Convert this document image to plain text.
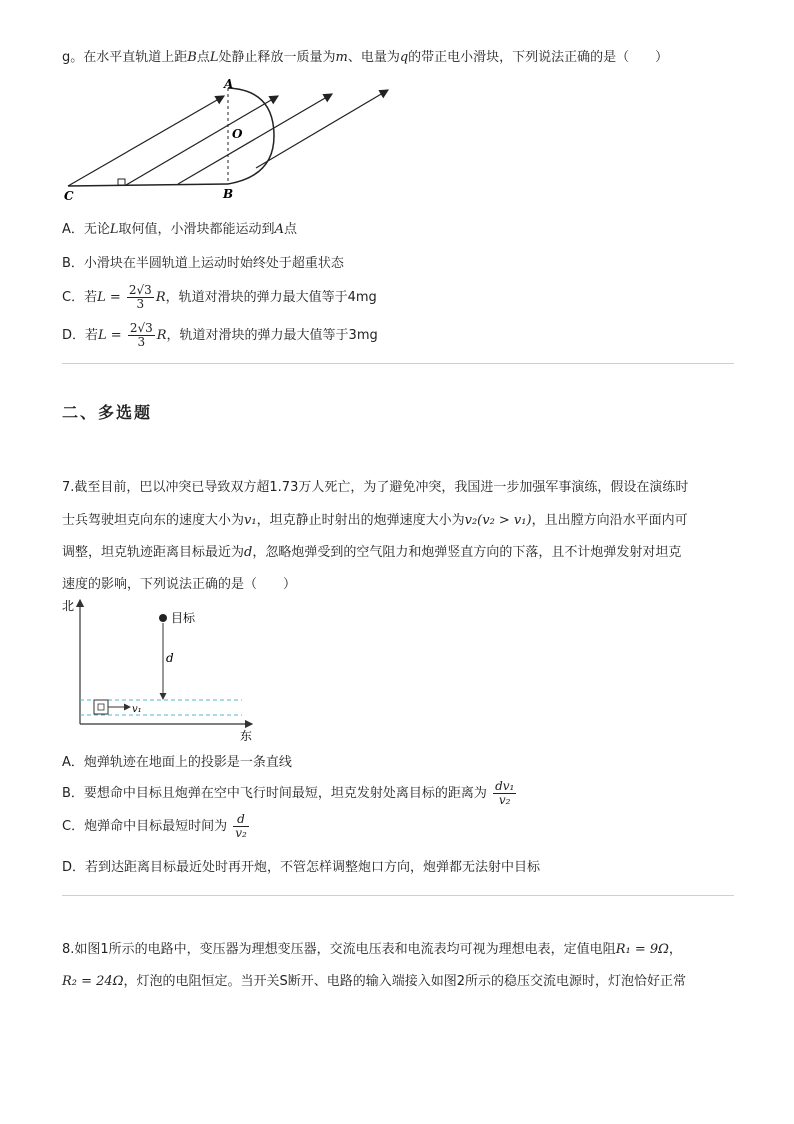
g。在水平直轨道上距B点L处静止释放一质量为m、电量为q的带正电小滑块，下列说法正确的是（　　）
A
O
B
C
A．无论L取何值，小滑块都能运动到A点
B．小滑块在半圆轨道上运动时始终处于超重状态
C．若$L = \frac{2√3}{3}$ R，轨道对滑块的弹力最大值等于4mg
D．若$L = \frac{2√3}{3}$ R，轨道对滑块的弹力最大值等于3mg
二、多选题
7.截至目前，巴以冲突已导致双方超1.73万人死亡，为了避免冲突，我国进一步加强军事演练，假设在演练时
士兵驾驶坦克向东的速度大小为v₁，坦克静止时射出的炮弹速度大小为v₂(v₂ > v₁)，且出膛方向沿水平面内可
调整，坦克轨迹距离目标最近为d，忽略炮弹受到的空气阻力和炮弹竖直方向的下落，且不计炮弹发射对坦克
速度的影响，下列说法正确的是（　　）
北
东
目标
d
v₁
A．炮弹轨迹在地面上的投影是一条直线
B．要想命中目标且炮弹在空中飞行时间最短，坦克发射处离目标的距离为 $\frac{\text{dv₁}}{\text{v₂}}$
C．炮弹命中目标最短时间为 $\frac{d}{\text{v₂}}$
D．若到达距离目标最近处时再开炮，不管怎样调整炮口方向，炮弹都无法射中目标
8.如图1所示的电路中，变压器为理想变压器，交流电压表和电流表均可视为理想电表，定值电阻R₁ = 9Ω，
R₂ = 24Ω，灯泡的电阻恒定。当开关S断开、电路的输入端接入如图2所示的稳压交流电源时，灯泡恰好正常
